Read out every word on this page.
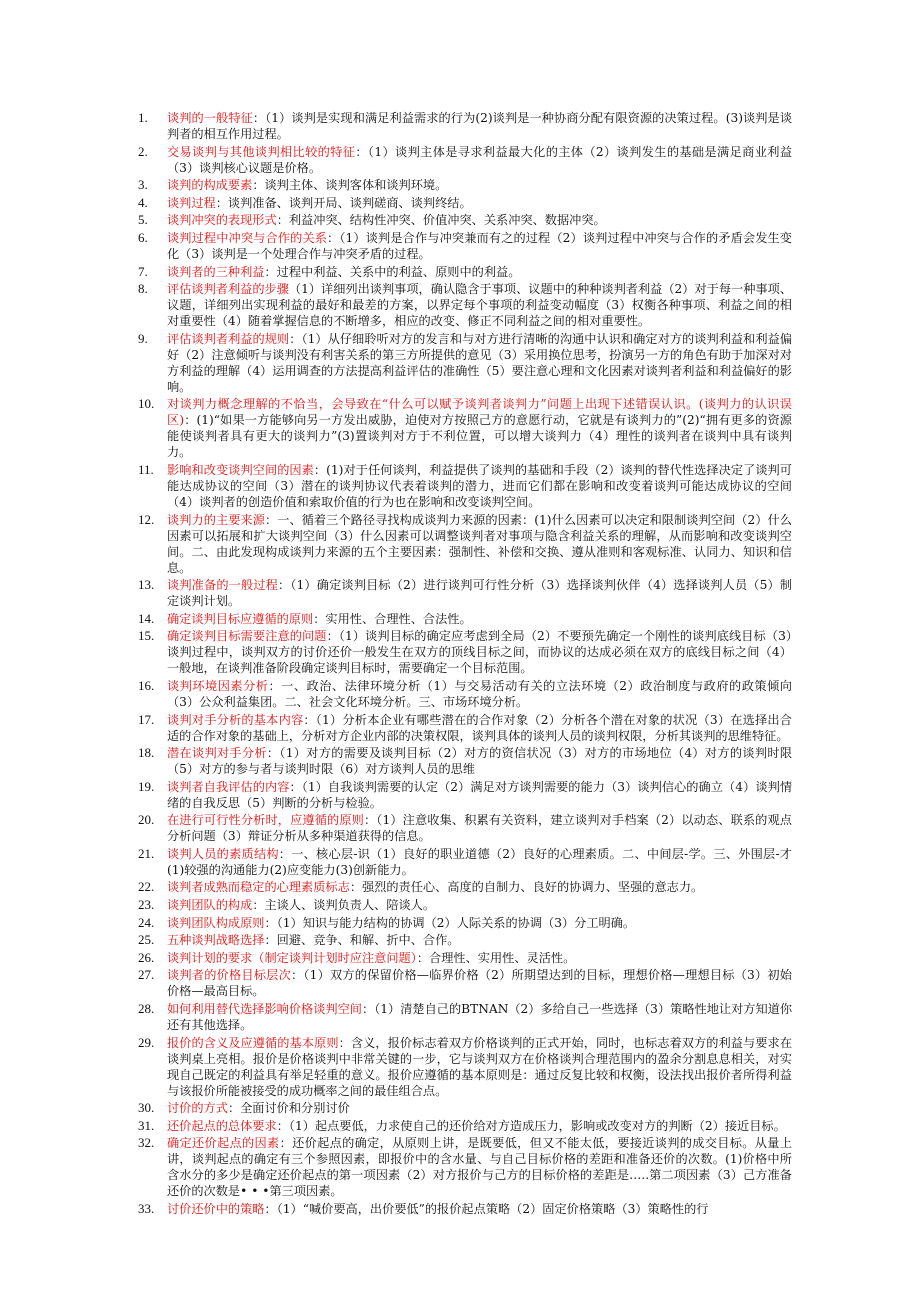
1.	谈判的一般特征：（1）谈判是实现和满足利益需求的行为(2)谈判是一种协商分配有限资源的决策过程。(3)谈判是谈判者的相互作用过程。
2.	交易谈判与其他谈判相比较的特征：（1）谈判主体是寻求利益最大化的主体（2）谈判发生的基础是满足商业利益（3）谈判核心议题是价格。
3.	谈判的构成要素：谈判主体、谈判客体和谈判环境。
4.	谈判过程：谈判准备、谈判开局、谈判磋商、谈判终结。
5.	谈判冲突的表现形式：利益冲突、结构性冲突、价值冲突、关系冲突、数据冲突。
6.	谈判过程中冲突与合作的关系：（1）谈判是合作与冲突兼而有之的过程（2）谈判过程中冲突与合作的矛盾会发生变化（3）谈判是一个处理合作与冲突矛盾的过程。
7.	谈判者的三种利益：过程中利益、关系中的利益、原则中的利益。
8.	评估谈判者利益的步骤（1）详细列出谈判事项，确认隐含于事项、议题中的种种谈判者利益（2）对于每一种事项、议题，详细列出实现利益的最好和最差的方案，以界定每个事项的利益变动幅度（3）权衡各种事项、利益之间的相对重要性（4）随着掌握信息的不断增多，相应的改变、修正不同利益之间的相对重要性。
9.	评估谈判者利益的规则：（1）从仔细聆听对方的发言和与对方进行清晰的沟通中认识和确定对方的谈判利益和利益偏好（2）注意倾听与谈判没有利害关系的第三方所提供的意见（3）采用换位思考，扮演另一方的角色有助于加深对对方利益的理解（4）运用调查的方法提高利益评估的准确性（5）要注意心理和文化因素对谈判者利益和利益偏好的影响。
10.	对谈判力概念理解的不恰当，会导致在“什么可以赋予谈判者谈判力”问题上出现下述错误认识。(谈判力的认识误区)：(1)“如果一方能够向另一方发出威胁，迫使对方按照己方的意愿行动，它就是有谈判力的”(2)“拥有更多的资源能使谈判者具有更大的谈判力”(3)置谈判对方于不利位置，可以增大谈判力（4）理性的谈判者在谈判中具有谈判力。
11.	影响和改变谈判空间的因素：(1)对于任何谈判，利益提供了谈判的基础和手段（2）谈判的替代性选择决定了谈判可能达成协议的空间（3）潜在的谈判协议代表着谈判的潜力，进而它们都在影响和改变着谈判可能达成协议的空间（4）谈判者的创造价值和索取价值的行为也在影响和改变谈判空间。
12.	谈判力的主要来源：一、循着三个路径寻找构成谈判力来源的因素：(1)什么因素可以决定和限制谈判空间（2）什么因素可以拓展和扩大谈判空间（3）什么因素可以调整谈判者对事项与隐含利益关系的理解，从而影响和改变谈判空间。二、由此发现构成谈判力来源的五个主要因素：强制性、补偿和交换、遵从准则和客观标准、认同力、知识和信息。
13.	谈判准备的一般过程：（1）确定谈判目标（2）进行谈判可行性分析（3）选择谈判伙伴（4）选择谈判人员（5）制定谈判计划。
14.	确定谈判目标应遵循的原则：实用性、合理性、合法性。
15.	确定谈判目标需要注意的问题：（1）谈判目标的确定应考虑到全局（2）不要预先确定一个刚性的谈判底线目标（3）谈判过程中，谈判双方的讨价还价一般发生在双方的顶线目标之间，而协议的达成必须在双方的底线目标之间（4）一般地，在谈判准备阶段确定谈判目标时，需要确定一个目标范围。
16.	谈判环境因素分析：一、政治、法律环境分析（1）与交易活动有关的立法环境（2）政治制度与政府的政策倾向（3）公众利益集团。二、社会文化环境分析。三、市场环境分析。
17.	谈判对手分析的基本内容：（1）分析本企业有哪些潜在的合作对象（2）分析各个潜在对象的状况（3）在选择出合适的合作对象的基础上，分析对方企业内部的决策权限，谈判具体的谈判人员的谈判权限，分析其谈判的思维特征。
18.	潜在谈判对手分析：（1）对方的需要及谈判目标（2）对方的资信状况（3）对方的市场地位（4）对方的谈判时限（5）对方的参与者与谈判时限（6）对方谈判人员的思维
19.	谈判者自我评估的内容：（1）自我谈判需要的认定（2）满足对方谈判需要的能力（3）谈判信心的确立（4）谈判情绪的自我反思（5）判断的分析与检验。
20.	在进行可行性分析时，应遵循的原则：（1）注意收集、积累有关资料，建立谈判对手档案（2）以动态、联系的观点分析问题（3）辩证分析从多种渠道获得的信息。
21.	谈判人员的素质结构：一、核心层-识（1）良好的职业道德（2）良好的心理素质。二、中间层-学。三、外围层-才(1)较强的沟通能力(2)应变能力(3)创新能力。
22.	谈判者成熟而稳定的心理素质标志：强烈的责任心、高度的自制力、良好的协调力、坚强的意志力。
23.	谈判团队的构成：主谈人、谈判负责人、陪谈人。
24.	谈判团队构成原则：（1）知识与能力结构的协调（2）人际关系的协调（3）分工明确。
25.	五种谈判战略选择：回避、竞争、和解、折中、合作。
26.	谈判计划的要求（制定谈判计划时应注意问题）：合理性、实用性、灵活性。
27.	谈判者的价格目标层次：（1）双方的保留价格—临界价格（2）所期望达到的目标，理想价格—理想目标（3）初始价格—最高目标。
28.	如何利用替代选择影响价格谈判空间：（1）清楚自己的BTNAN（2）多给自己一些选择（3）策略性地让对方知道你还有其他选择。
29.	报价的含义及应遵循的基本原则：含义，报价标志着双方价格谈判的正式开始，同时，也标志着双方的利益与要求在谈判桌上亮相。报价是价格谈判中非常关键的一步，它与谈判双方在价格谈判合理范围内的盈余分割息息相关，对实现自己既定的利益具有举足轻重的意义。报价应遵循的基本原则是：通过反复比较和权衡，设法找出报价者所得利益与该报价所能被接受的成功概率之间的最佳组合点。
30.	讨价的方式：全面讨价和分别讨价
31.	还价起点的总体要求：（1）起点要低，力求使自己的还价给对方造成压力，影响或改变对方的判断（2）接近目标。
32.	确定还价起点的因素：还价起点的确定，从原则上讲，是既要低，但又不能太低，要接近谈判的成交目标。从量上讲，谈判起点的确定有三个参照因素，即报价中的含水量、与自己目标价格的差距和准备还价的次数。(1)价格中所含水分的多少是确定还价起点的第一项因素（2）对方报价与己方的目标价格的差距是…..第二项因素（3）己方准备还价的次数是• • •第三项因素。
33.	讨价还价中的策略：（1）“喊价要高，出价要低”的报价起点策略（2）固定价格策略（3）策略性的行
